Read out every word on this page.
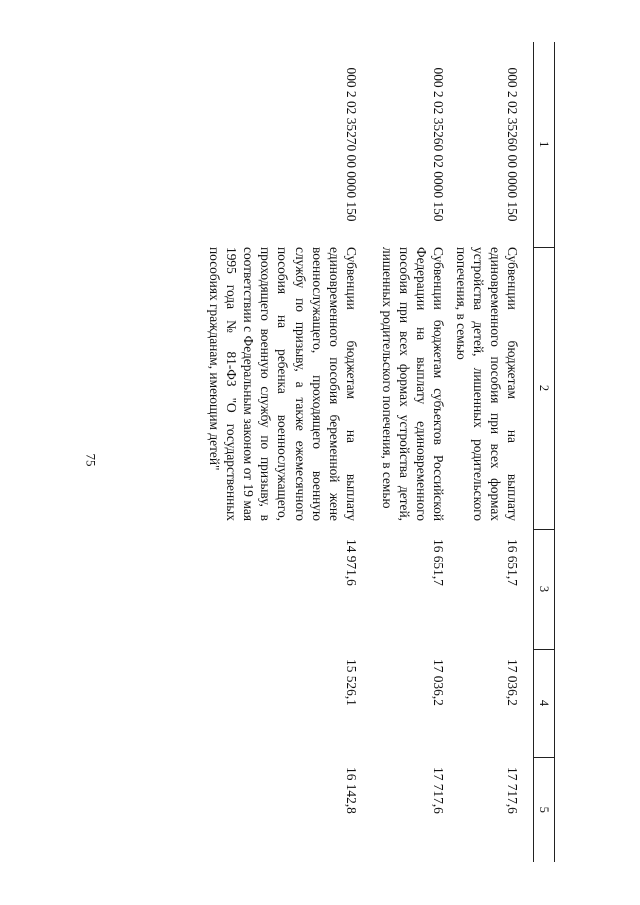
75
1	2	3	4	5
000 2 02 35260 00 0000 150	Субвенции бюджетам на выплату единовременного пособия при всех формах устройства детей, лишенных родительского попечения, в семью	16 651,7	17 036,2	17 717,6
000 2 02 35260 02 0000 150	Субвенции бюджетам субъектов Российской Федерации на выплату единовременного пособия при всех формах устройства детей, лишенных родительского попечения, в семью	16 651,7	17 036,2	17 717,6
000 2 02 35270 00 0000 150	Субвенции бюджетам на выплату единовременного пособия беременной жене военнослужащего, проходящего военную службу по призыву, а также ежемесячного пособия на ребенка военнослужащего, проходящего военную службу по призыву, в соответствии с Федеральным законом от 19 мая 1995 года № 81-ФЗ "О государственных пособиях гражданам, имеющим детей"	14 971,6	15 526,1	16 142,8
